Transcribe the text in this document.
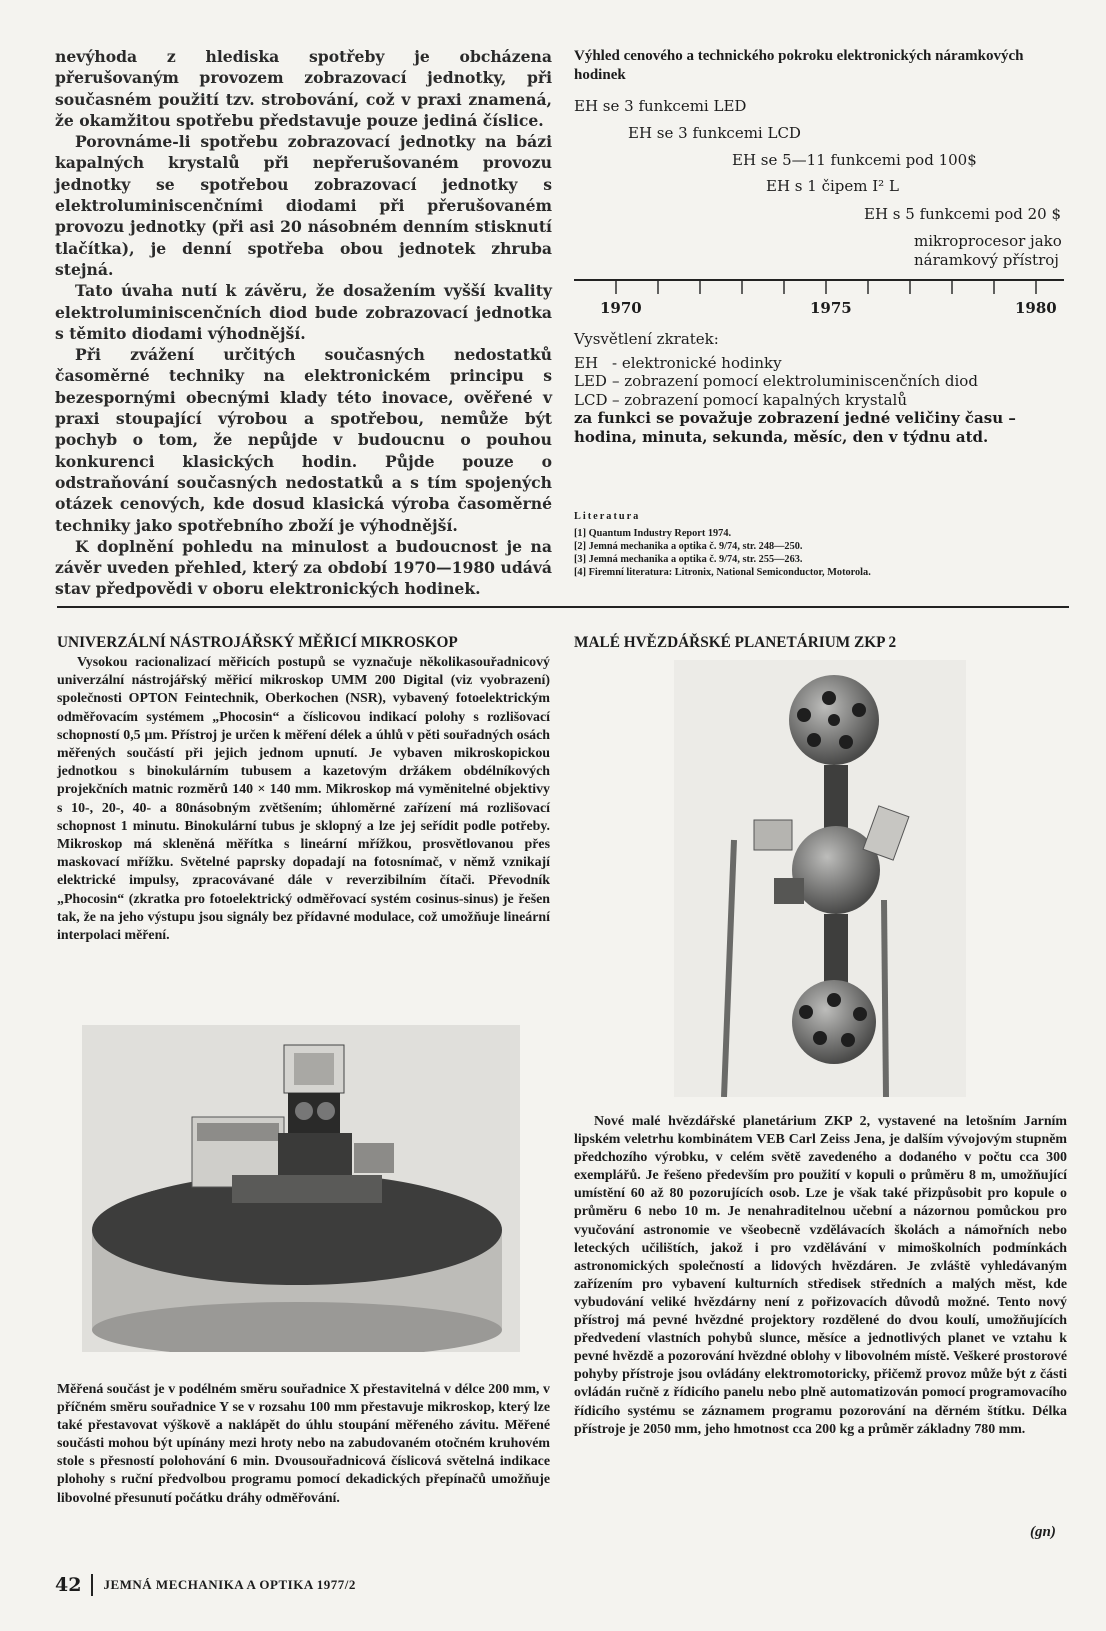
nevýhoda z hlediska spotřeby je obcházena přerušovaným provozem zobrazovací jednotky, při současném použití tzv. strobování, což v praxi znamená, že okamžitou spotřebu představuje pouze jediná číslice.

Porovnáme-li spotřebu zobrazovací jednotky na bázi kapalných krystalů při nepřerušovaném provozu jednotky se spotřebou zobrazovací jednotky s elektroluminiscenčními diodami při přerušovaném provozu jednotky (při asi 20 násobném denním stisknutí tlačítka), je denní spotřeba obou jednotek zhruba stejná.

Tato úvaha nutí k závěru, že dosažením vyšší kvality elektroluminiscenčních diod bude zobrazovací jednotka s těmito diodami výhodnější.

Při zvážení určitých současných nedostatků časoměrné techniky na elektronickém principu s bezespornými obecnými klady této inovace, ověřené v praxi stoupající výrobou a spotřebou, nemůže být pochyb o tom, že nepůjde v budoucnu o pouhou konkurenci klasických hodin. Půjde pouze o odstraňování současných nedostatků a s tím spojených otázek cenových, kde dosud klasická výroba časoměrné techniky jako spotřebního zboží je výhodnější.

K doplnění pohledu na minulost a budoucnost je na závěr uveden přehled, který za období 1970—1980 udává stav předpovědi v oboru elektronických hodinek.

Výhled cenového a technického pokroku elektronických náramkových hodinek
EH se 3 funkcemi LED
EH se 3 funkcemi LCD
EH se 5—11 funkcemi pod 100$
EH s 1 čipem I² L
EH s 5 funkcemi pod 20 $
mikroprocesor jako
náramkový přístroj
1970	1975	1980
Vysvětlení zkratek:
EH - elektronické hodinky
LED – zobrazení pomocí elektroluminiscenčních diod
LCD – zobrazení pomocí kapalných krystalů
za funkci se považuje zobrazení jedné veličiny času – hodina, minuta, sekunda, měsíc, den v týdnu atd.
Literatura

[1] Quantum Industry Report 1974.

[2] Jemná mechanika a optika č. 9/74, str. 248—250.

[3] Jemná mechanika a optika č. 9/74, str. 255—263.

[4] Firemní literatura: Litronix, National Semiconductor, Motorola.

UNIVERZÁLNÍ NÁSTROJÁŘSKÝ MĚŘICÍ MIKROSKOP

Vysokou racionalizací měřicích postupů se vyznačuje několikasouřadnicový univerzální nástrojářský měřicí mikroskop UMM 200 Digital (viz vyobrazení) společnosti OPTON Feintechnik, Oberkochen (NSR), vybavený fotoelektrickým odměřovacím systémem „Phocosin“ a číslicovou indikací polohy s rozlišovací schopností 0,5 µm. Přístroj je určen k měření délek a úhlů v pěti souřadných osách měřených součástí při jejich jednom upnutí. Je vybaven mikroskopickou jednotkou s binokulárním tubusem a kazetovým držákem obdélníkových projekčních matnic rozměrů 140 × 140 mm. Mikroskop má vyměnitelné objektivy s 10-, 20-, 40- a 80násobným zvětšením; úhloměrné zařízení má rozlišovací schopnost 1 minutu. Binokulární tubus je sklopný a lze jej seřídit podle potřeby. Mikroskop má skleněná měřítka s lineární mřížkou, prosvětlovanou přes maskovací mřížku. Světelné paprsky dopadají na fotosnímač, v němž vznikají elektrické impulsy, zpracovávané dále v reverzibilním čítači. Převodník „Phocosin“ (zkratka pro fotoelektrický odměřovací systém cosinus-sinus) je řešen tak, že na jeho výstupu jsou signály bez přídavné modulace, což umožňuje lineární interpolaci měření.

Měřená součást je v podélném směru souřadnice X přestavitelná v délce 200 mm, v příčném směru souřadnice Y se v rozsahu 100 mm přestavuje mikroskop, který lze také přestavovat výškově a naklápět do úhlu stoupání měřeného závitu. Měřené součásti mohou být upínány mezi hroty nebo na zabudovaném otočném kruhovém stole s přesností polohování 6 min. Dvousouřadnicová číslicová světelná indikace plohohy s ruční předvolbou programu pomocí dekadických přepínačů umožňuje libovolné přesunutí počátku dráhy odměřování.

MALÉ HVĚZDÁŘSKÉ PLANETÁRIUM ZKP 2

Nové malé hvězdářské planetárium ZKP 2, vystavené na letošním Jarním lipském veletrhu kombinátem VEB Carl Zeiss Jena, je dalším vývojovým stupněm předchozího výrobku, v celém světě zavedeného a dodaného v počtu cca 300 exemplářů. Je řešeno především pro použití v kopuli o průměru 8 m, umožňující umístění 60 až 80 pozorujících osob. Lze je však také přizpůsobit pro kopule o průměru 6 nebo 10 m. Je nenahraditelnou učební a názornou pomůckou pro vyučování astronomie ve všeobecně vzdělávacích školách a námořních nebo leteckých učilištích, jakož i pro vzdělávání v mimoškolních podmínkách astronomických společností a lidových hvězdáren. Je zvláště vyhledávaným zařízením pro vybavení kulturních středisek středních a malých měst, kde vybudování veliké hvězdárny není z pořizovacích důvodů možné. Tento nový přístroj má pevné hvězdné projektory rozdělené do dvou koulí, umožňujících předvedení vlastních pohybů slunce, měsíce a jednotlivých planet ve vztahu k pevné hvězdě a pozorování hvězdné oblohy v libovolném místě. Veškeré prostorové pohyby přístroje jsou ovládány elektromotoricky, přičemž provoz může být z části ovládán ručně z řídicího panelu nebo plně automatizován pomocí programovacího řídicího systému se záznamem programu pozorování na děrném štítku. Délka přístroje je 2050 mm, jeho hmotnost cca 200 kg a průměr základny 780 mm.

(gn)
42 JEMNÁ MECHANIKA A OPTIKA 1977/2
